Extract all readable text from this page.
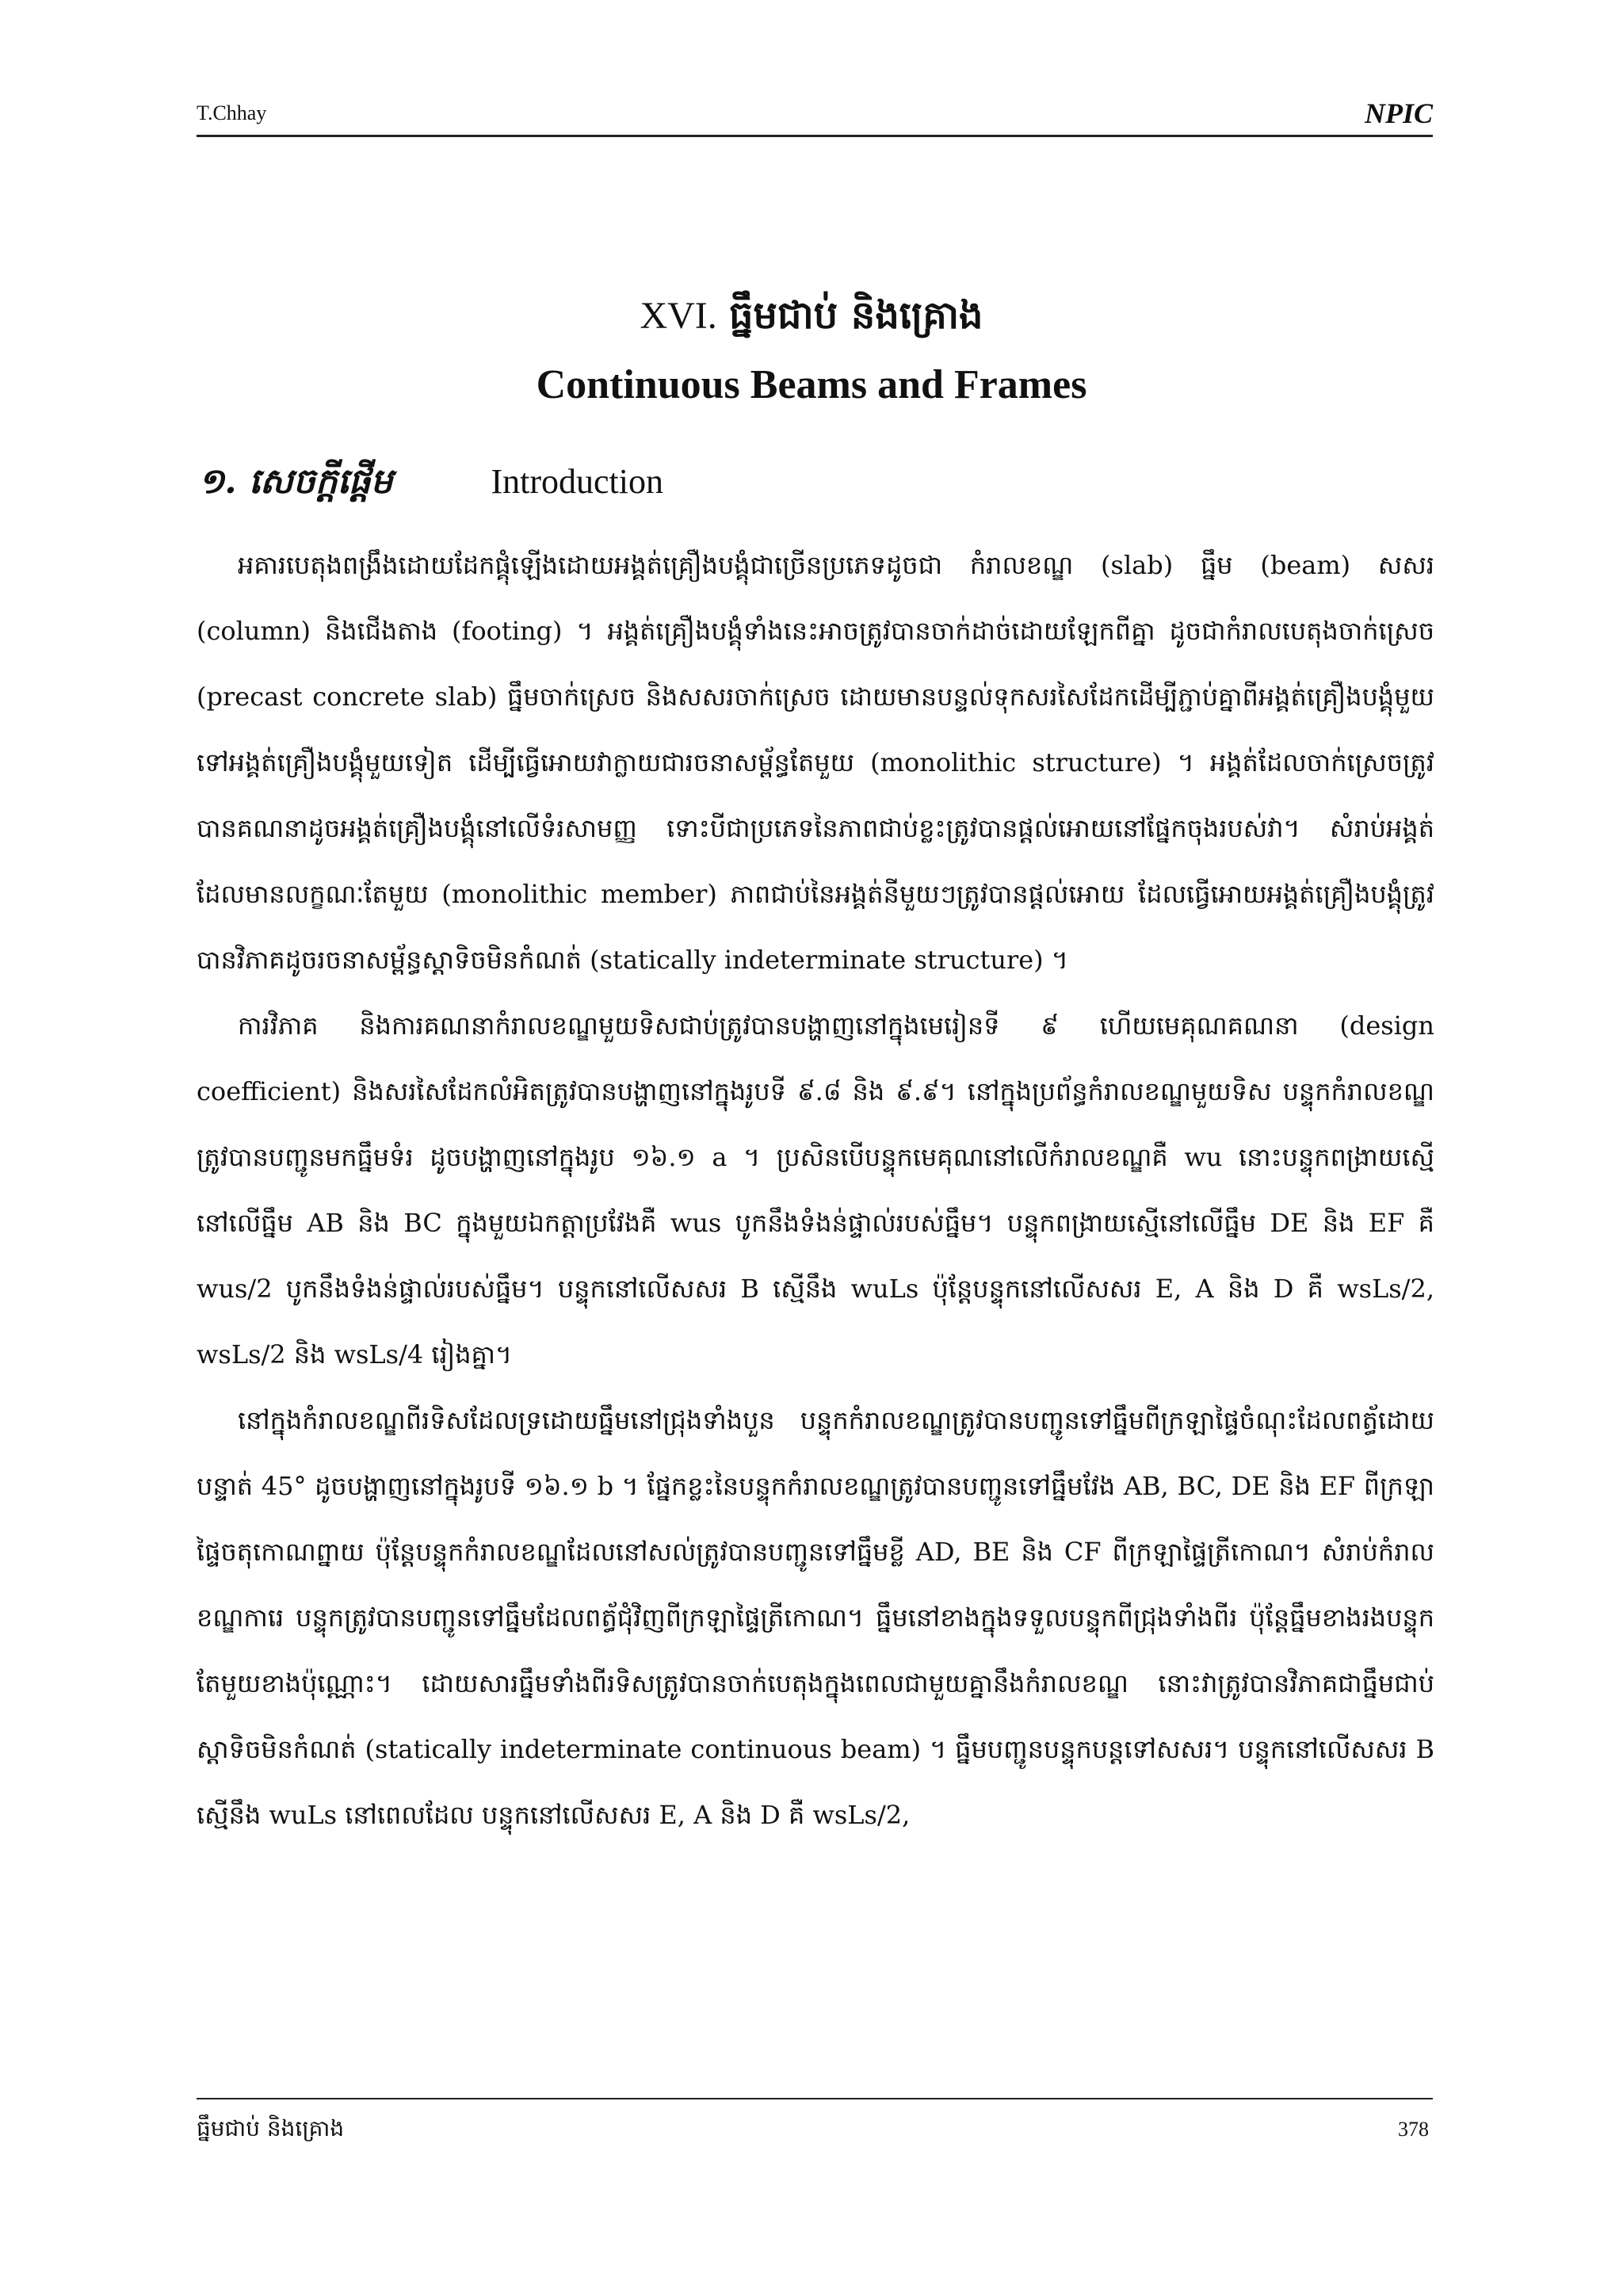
T.Chhay	NPIC
XVI. ធ្នឹមជាប់ និងគ្រោង
Continuous Beams and Frames
១. សេចក្តីផ្តើម	Introduction

អគារបេតុងពង្រឹងដោយដែកផ្គុំឡើងដោយអង្គត់គ្រឿងបង្គុំជាច្រើនប្រភេទដូចជា កំរាលខណ្ឌ (slab) ធ្នឹម (beam) សសរ (column) និងជើងតាង (footing) ។ អង្គត់គ្រឿងបង្គុំទាំងនេះអាចត្រូវបានចាក់ដាច់ដោយឡែកពីគ្នា ដូចជាកំរាលបេតុងចាក់ស្រេច (precast concrete slab) ធ្នឹមចាក់ស្រេច និងសសរចាក់ស្រេច ដោយមានបន្ទល់ទុកសរសៃដែកដើម្បីភ្ជាប់គ្នាពីអង្គត់គ្រឿងបង្គុំមួយទៅអង្គត់គ្រឿងបង្គុំមួយទៀត ដើម្បីធ្វើអោយវាក្លាយជារចនាសម្ព័ន្ធតែមួយ (monolithic structure) ។ អង្គត់ដែលចាក់ស្រេចត្រូវបានគណនាដូចអង្គត់គ្រឿងបង្គុំនៅលើទំរសាមញ្ញ ទោះបីជាប្រភេទនៃភាពជាប់ខ្លះត្រូវបានផ្តល់អោយនៅផ្នែកចុងរបស់វា។ សំរាប់អង្គត់ដែលមានលក្ខណៈតែមួយ (monolithic member) ភាពជាប់នៃអង្គត់នីមួយៗត្រូវបានផ្តល់អោយ ដែលធ្វើអោយអង្គត់គ្រឿងបង្គុំត្រូវបានវិភាគដូចរចនាសម្ព័ន្ធស្តាទិចមិនកំណត់ (statically indeterminate structure) ។

ការវិភាគ និងការគណនាកំរាលខណ្ឌមួយទិសជាប់ត្រូវបានបង្ហាញនៅក្នុងមេរៀនទី ៩ ហើយមេគុណគណនា (design coefficient) និងសរសៃដែកលំអិតត្រូវបានបង្ហាញនៅក្នុងរូបទី ៩.៨ និង ៩.៩។ នៅក្នុងប្រព័ន្ធកំរាលខណ្ឌមួយទិស បន្ទុកកំរាលខណ្ឌត្រូវបានបញ្ជូនមកធ្នឹមទំរ ដូចបង្ហាញនៅក្នុងរូប ១៦.១ a ។ ប្រសិនបើបន្ទុកមេគុណនៅលើកំរាលខណ្ឌគឺ wu នោះបន្ទុកពង្រាយស្មើនៅលើធ្នឹម AB និង BC ក្នុងមួយឯកត្តាប្រវែងគឺ wus បូកនឹងទំងន់ផ្ទាល់របស់ធ្នឹម។ បន្ទុកពង្រាយស្មើនៅលើធ្នឹម DE និង EF គឺ wus/2 បូកនឹងទំងន់ផ្ទាល់របស់ធ្នឹម។ បន្ទុកនៅលើសសរ B ស្មើនឹង wuLs ប៉ុន្តែបន្ទុកនៅលើសសរ E, A និង D គឺ wsLs/2, wsLs/2 និង wsLs/4 រៀងគ្នា។

នៅក្នុងកំរាលខណ្ឌពីរទិសដែលទ្រដោយធ្នឹមនៅជ្រុងទាំងបួន បន្ទុកកំរាលខណ្ឌត្រូវបានបញ្ជូនទៅធ្នឹមពីក្រឡាផ្ទៃចំណុះដែលពត្ធ័ដោយបន្ទាត់ 45° ដូចបង្ហាញនៅក្នុងរូបទី ១៦.១ b ។ ផ្នែកខ្លះនៃបន្ទុកកំរាលខណ្ឌត្រូវបានបញ្ជូនទៅធ្នឹមវែង AB, BC, DE និង EF ពីក្រឡាផ្ទៃចតុកោណព្នាយ ប៉ុន្តែបន្ទុកកំរាលខណ្ឌដែលនៅសល់ត្រូវបានបញ្ជូនទៅធ្នឹមខ្លី AD, BE និង CF ពីក្រឡាផ្ទៃត្រីកោណ។ សំរាប់កំរាលខណ្ឌការេ បន្ទុកត្រូវបានបញ្ជូនទៅធ្នឹមដែលពត្ធ័ជុំវិញពីក្រឡាផ្ទៃត្រីកោណ។ ធ្នឹមនៅខាងក្នុងទទួលបន្ទុកពីជ្រុងទាំងពីរ ប៉ុន្តែធ្នឹមខាងរងបន្ទុកតែមួយខាងប៉ុណ្ណោះ។ ដោយសារធ្នឹមទាំងពីរទិសត្រូវបានចាក់បេតុងក្នុងពេលជាមួយគ្នានឹងកំរាលខណ្ឌ នោះវាត្រូវបានវិភាគជាធ្នឹមជាប់ស្តាទិចមិនកំណត់ (statically indeterminate continuous beam) ។ ធ្នឹមបញ្ជូនបន្ទុកបន្តទៅសសរ។ បន្ទុកនៅលើសសរ B ស្មើនឹង wuLs នៅពេលដែល បន្ទុកនៅលើសសរ E, A និង D គឺ wsLs/2,

ធ្នឹមជាប់ និងគ្រោង	378
